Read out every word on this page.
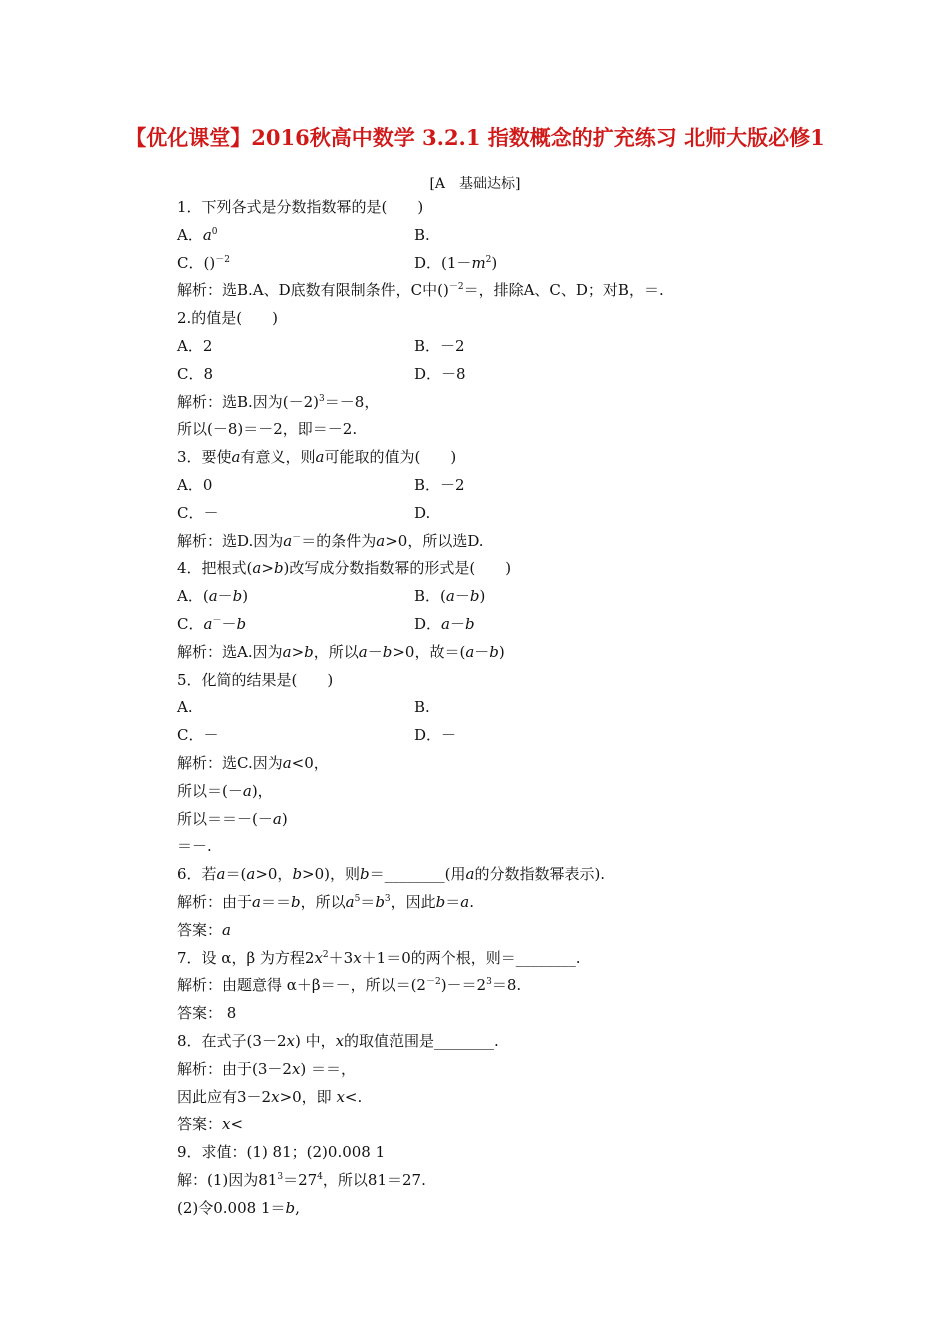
【优化课堂】2016秋高中数学 3.2.1 指数概念的扩充练习 北师大版必修1
[A　基础达标]
1．下列各式是分数指数幂的是(　　)
A．$a^0$	B.
C．()$^{-2}$	D．$(1-m^2)$
解析：选B.A、D底数有限制条件，C中()$^{-2}$＝，排除A、C、D；对B，＝.
2.的值是(　　)
A．2	B．－2
C．8	D．－8
解析：选B.因为$(-2)^3=-8$，
所以(－8)＝－2，即＝－2.
3．要使a有意义，则a可能取的值为(　　)
A．0	B．－2
C．－	D.
解析：选D.因为a－＝的条件为a>0，所以选D.
4．把根式(a>b)改写成分数指数幂的形式是(　　)
A．(a－b)	B．(a－b)
C．a－－b	D．a－b
解析：选A.因为a>b，所以a－b>0，故＝(a－b)
5．化简的结果是(　　)
A.	B.
C．－	D．－
解析：选C.因为a<0，
所以＝(－a)，
所以＝＝－(－a)
＝－.
6．若a＝(a>0，b>0)，则b＝________(用a的分数指数幂表示).
解析：由于a＝＝b，所以$a^5=b^3$，因此b＝a.
答案：a
7．设 α，β 为方程$2x^2+3x+1=0$的两个根，则＝________.
解析：由题意得 α＋β＝－，所以$=(2^{-2})-=2^3=8$.
答案： 8
8．在式子(3－2x) 中，x的取值范围是________.
解析：由于(3－2x) ＝＝，
因此应有3－2x>0，即 x<.
答案：x<
9．求值：(1) 81；(2)0.008 1
解：(1)因为$81^3=27^4$，所以81＝27.
(2)令0.008 1＝b,
